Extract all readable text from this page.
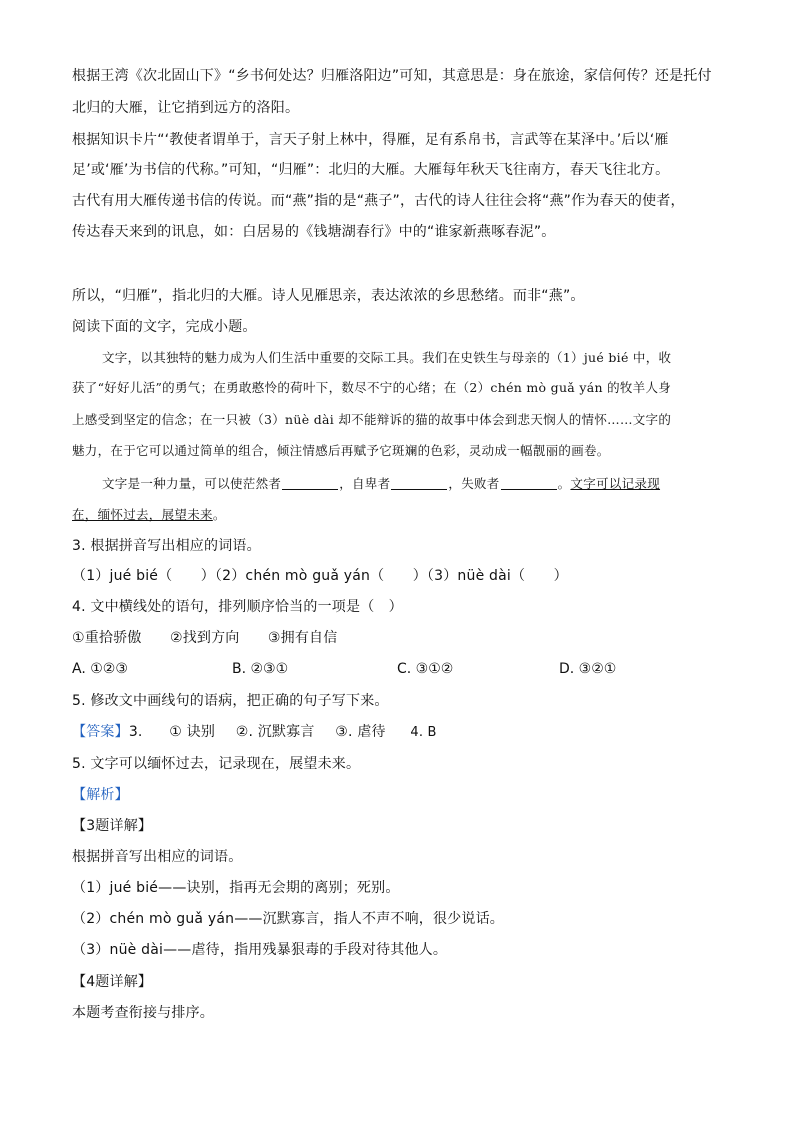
根据王湾《次北固山下》“乡书何处达？归雁洛阳边”可知，其意思是：身在旅途，家信何传？还是托付
北归的大雁，让它捎到远方的洛阳。
根据知识卡片“‘教使者谓单于，言天子射上林中，得雁，足有系帛书，言武等在某泽中。’后以‘雁
足’或‘雁’为书信的代称。”可知，“归雁”：北归的大雁。大雁每年秋天飞往南方，春天飞往北方。
古代有用大雁传递书信的传说。而“燕”指的是“燕子”，古代的诗人往往会将“燕”作为春天的使者，
传达春天来到的讯息，如：白居易的《钱塘湖春行》中的“谁家新燕啄春泥”。
所以，“归雁”，指北归的大雁。诗人见雁思亲，表达浓浓的乡思愁绪。而非“燕”。
阅读下面的文字，完成小题。
文字，以其独特的魅力成为人们生活中重要的交际工具。我们在史铁生与母亲的（1）jué bié 中，收
获了“好好儿活”的勇气；在勇敢憨怜的荷叶下，数尽不宁的心绪；在（2）chén mò guǎ yán 的牧羊人身
上感受到坚定的信念；在一只被（3）nüè dài 却不能辩诉的猫的故事中体会到悲天悯人的情怀……文字的
魅力，在于它可以通过简单的组合，倾注情感后再赋予它斑斓的色彩，灵动成一幅靓丽的画卷。
文字是一种力量，可以使茫然者	，自卑者	，失败者	。文字可以记录现
在，缅怀过去，展望未来。
3. 根据拼音写出相应的词语。
（1）jué bié（　　）（2）chén mò guǎ yán（　　）（3）nüè dài（　　）
4. 文中横线处的语句，排列顺序恰当的一项是（　）
①重拾骄傲　　②找到方向　　③拥有自信
A. ①②③	B. ②③①	C. ③①②	D. ③②①
5. 修改文中画线句的语病，把正确的句子写下来。
【答案】3. ① 诀别 ②. 沉默寡言 ③. 虐待 4. B
5. 文字可以缅怀过去，记录现在，展望未来。
【解析】
【3题详解】
根据拼音写出相应的词语。
（1）jué bié——诀别，指再无会期的离别；死别。
（2）chén mò guǎ yán——沉默寡言，指人不声不响，很少说话。
（3）nüè dài——虐待，指用残暴狠毒的手段对待其他人。
【4题详解】
本题考查衔接与排序。
